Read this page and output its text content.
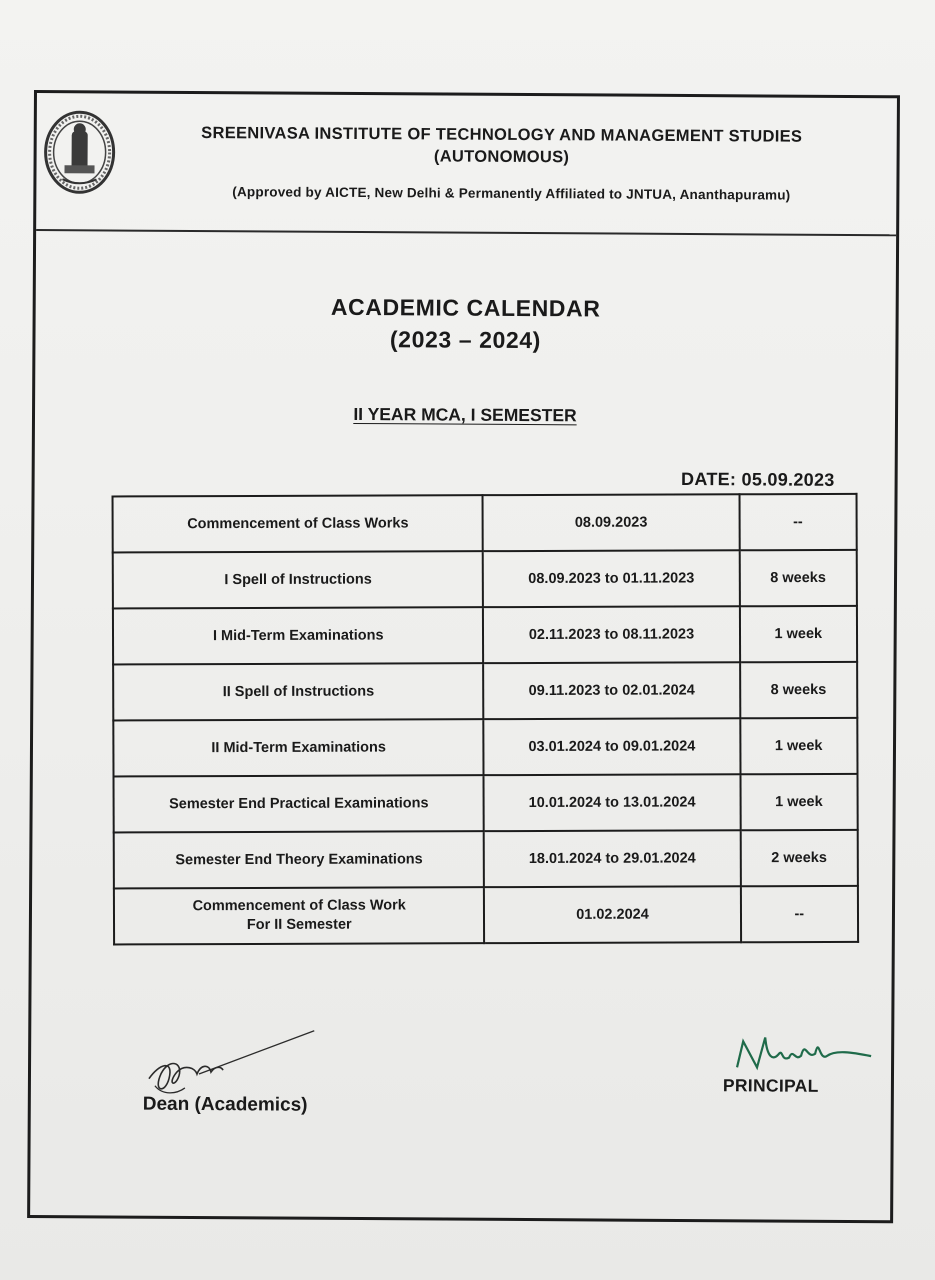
SREENIVASA INSTITUTE OF TECHNOLOGY AND MANAGEMENT STUDIES
(AUTONOMOUS)
(Approved by AICTE, New Delhi & Permanently Affiliated to JNTUA, Ananthapuramu)
ACADEMIC CALENDAR
(2023 – 2024)
II YEAR MCA, I SEMESTER
DATE: 05.09.2023
Commencement of Class Works	08.09.2023	--
I Spell of Instructions	08.09.2023 to 01.11.2023	8 weeks
I Mid-Term Examinations	02.11.2023 to 08.11.2023	1 week
II Spell of Instructions	09.11.2023 to 02.01.2024	8 weeks
II Mid-Term Examinations	03.01.2024 to 09.01.2024	1 week
Semester End Practical Examinations	10.01.2024 to 13.01.2024	1 week
Semester End Theory Examinations	18.01.2024 to 29.01.2024	2 weeks

Commencement of Class Work
For II Semester	01.02.2024	--
Dean (Academics)
PRINCIPAL
